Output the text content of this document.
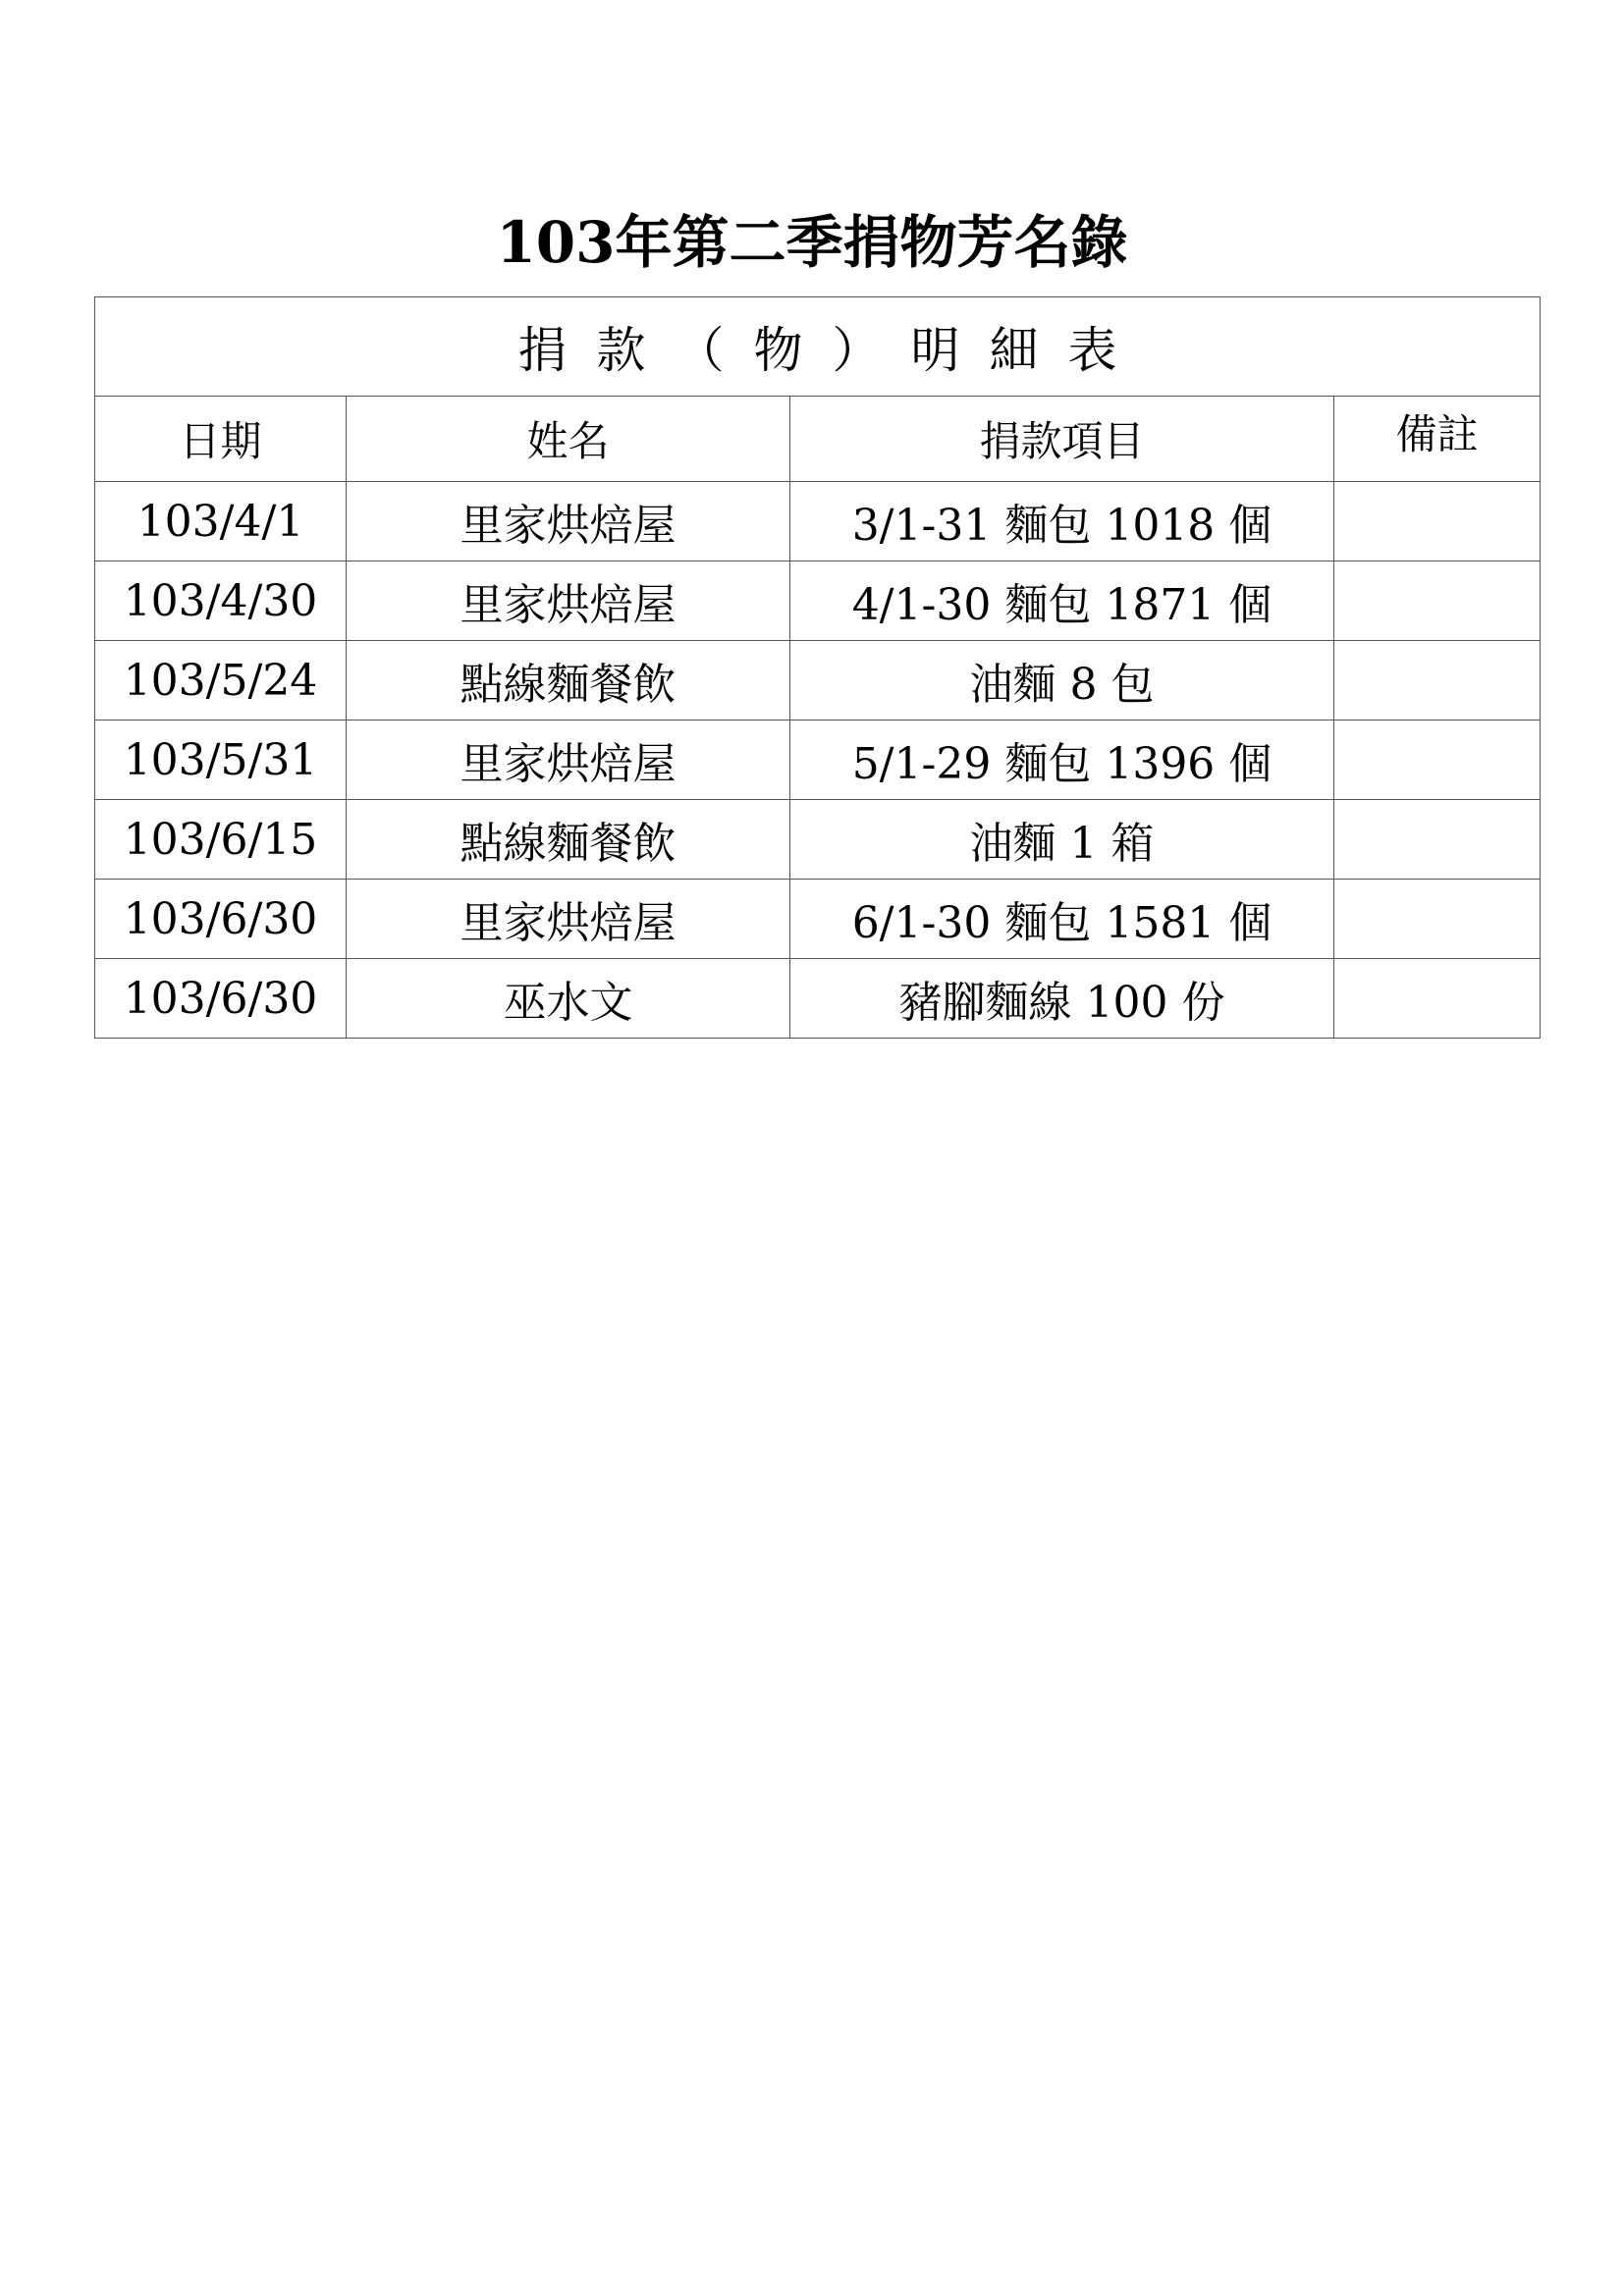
103年第二季捐物芳名錄
捐款（物）明細表			
日期	姓名	捐款項目	備註
103/4/1	里家烘焙屋	3/1-31 麵包 1018 個	
103/4/30	里家烘焙屋	4/1-30 麵包 1871 個	
103/5/24	點線麵餐飲	油麵 8 包	
103/5/31	里家烘焙屋	5/1-29 麵包 1396 個	
103/6/15	點線麵餐飲	油麵 1 箱	
103/6/30	里家烘焙屋	6/1-30 麵包 1581 個	
103/6/30	巫水文	豬腳麵線 100 份	
